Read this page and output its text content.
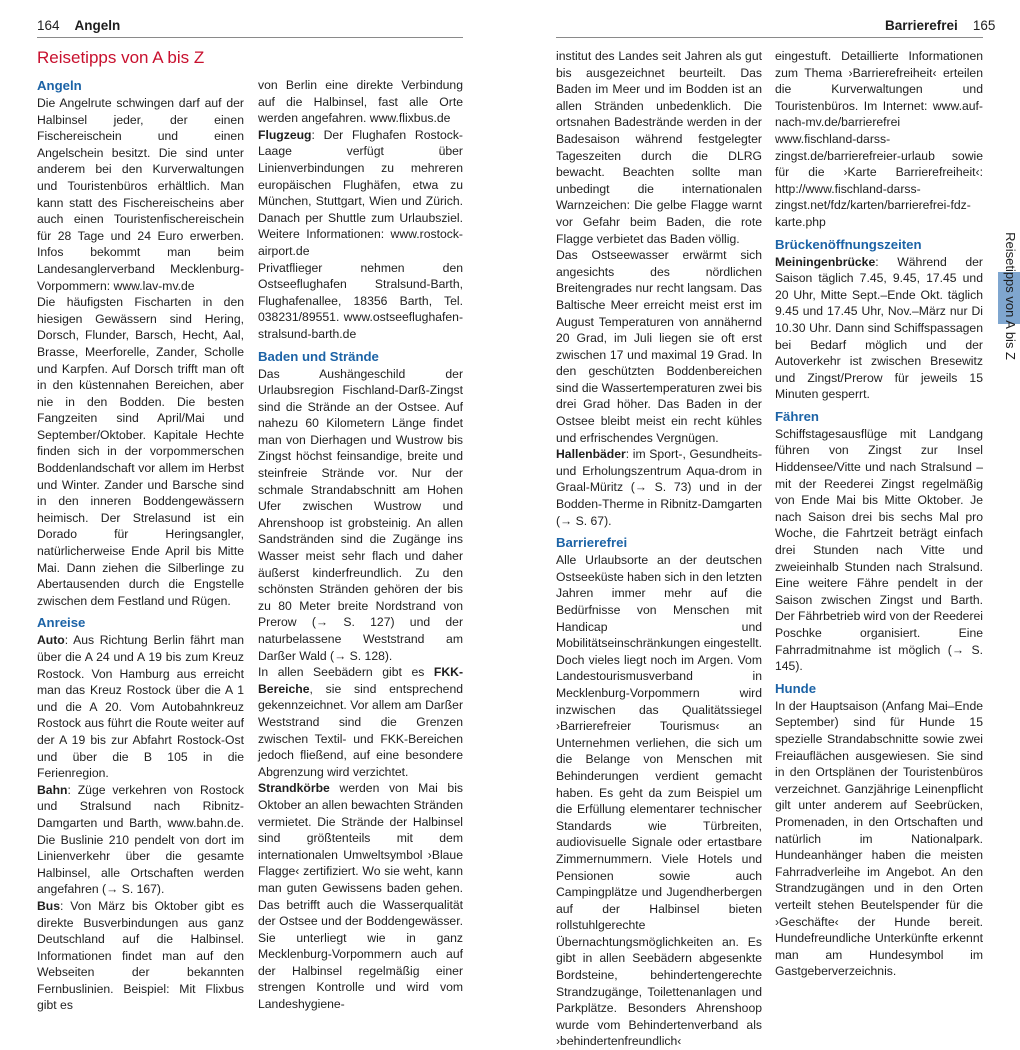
164 Angeln
Reisetipps von A bis Z
Angeln

Die Angelrute schwingen darf auf der Halbinsel jeder, der einen Fischereischein und einen Angelschein besitzt. Die sind unter anderem bei den Kurverwaltungen und Touristenbüros erhältlich. Man kann statt des Fischereischeins aber auch einen Touristenfischereischein für 28 Tage und 24 Euro erwerben. Infos bekommt man beim Landesanglerverband Mecklenburg-Vorpommern: www.lav-mv.de

Die häufigsten Fischarten in den hiesigen Gewässern sind Hering, Dorsch, Flunder, Barsch, Hecht, Aal, Brasse, Meerforelle, Zander, Scholle und Karpfen. Auf Dorsch trifft man oft in den küstennahen Bereichen, aber nie in den Bodden. Die besten Fangzeiten sind April/Mai und September/Oktober. Kapitale Hechte finden sich in der vorpommerschen Boddenlandschaft vor allem im Herbst und Winter. Zander und Barsche sind in den inneren Boddengewässern heimisch. Der Strelasund ist ein Dorado für Heringsangler, natürlicherweise Ende April bis Mitte Mai. Dann ziehen die Silberlinge zu Abertausenden durch die Engstelle zwischen dem Festland und Rügen.

Anreise

Auto: Aus Richtung Berlin fährt man über die A 24 und A 19 bis zum Kreuz Rostock. Von Hamburg aus erreicht man das Kreuz Rostock über die A 1 und die A 20. Vom Autobahnkreuz Rostock aus führt die Route weiter auf der A 19 bis zur Abfahrt Rostock-Ost und über die B 105 in die Ferienregion.

Bahn: Züge verkehren von Rostock und Stralsund nach Ribnitz-Damgarten und Barth, www.bahn.de. Die Buslinie 210 pendelt von dort im Linienverkehr über die gesamte Halbinsel, alle Ortschaften werden angefahren (→ S. 167).

Bus: Von März bis Oktober gibt es direkte Busverbindungen aus ganz Deutschland auf die Halbinsel. Informationen findet man auf den Webseiten der bekannten Fernbuslinien. Beispiel: Mit Flixbus gibt es

von Berlin eine direkte Verbindung auf die Halbinsel, fast alle Orte werden angefahren. www.flixbus.de

Flugzeug: Der Flughafen Rostock-Laage verfügt über Linienverbindungen zu mehreren europäischen Flughäfen, etwa zu München, Stuttgart, Wien und Zürich. Danach per Shuttle zum Urlaubsziel. Weitere Informationen: www.rostock-airport.de

Privatflieger nehmen den Ostseeflughafen Stralsund-Barth, Flughafenallee, 18356 Barth, Tel. 038231/89551. www.ostseeflughafen-stralsund-barth.de

Baden und Strände

Das Aushängeschild der Urlaubsregion Fischland-Darß-Zingst sind die Strände an der Ostsee. Auf nahezu 60 Kilometern Länge findet man von Dierhagen und Wustrow bis Zingst höchst feinsandige, breite und steinfreie Strände vor. Nur der schmale Strandabschnitt am Hohen Ufer zwischen Wustrow und Ahrenshoop ist grobsteinig. An allen Sandstränden sind die Zugänge ins Wasser meist sehr flach und daher äußerst kinderfreundlich. Zu den schönsten Stränden gehören der bis zu 80 Meter breite Nordstrand von Prerow (→ S. 127) und der naturbelassene Weststrand am Darßer Wald (→ S. 128).

In allen Seebädern gibt es FKK-Bereiche, sie sind entsprechend gekennzeichnet. Vor allem am Darßer Weststrand sind die Grenzen zwischen Textil- und FKK-Bereichen jedoch fließend, auf eine besondere Abgrenzung wird verzichtet.

Strandkörbe werden von Mai bis Oktober an allen bewachten Stränden vermietet. Die Strände der Halbinsel sind größtenteils mit dem internationalen Umweltsymbol ›Blaue Flagge‹ zertifiziert. Wo sie weht, kann man guten Gewissens baden gehen. Das betrifft auch die Wasserqualität der Ostsee und der Boddengewässer. Sie unterliegt wie in ganz Mecklenburg-Vorpommern auch auf der Halbinsel regelmäßig einer strengen Kontrolle und wird vom Landeshygiene-

Barrierefrei 165

institut des Landes seit Jahren als gut bis ausgezeichnet beurteilt. Das Baden im Meer und im Bodden ist an allen Stränden unbedenklich. Die ortsnahen Badestrände werden in der Badesaison während festgelegter Tageszeiten durch die DLRG bewacht. Beachten sollte man unbedingt die internationalen Warnzeichen: Die gelbe Flagge warnt vor Gefahr beim Baden, die rote Flagge verbietet das Baden völlig.

Das Ostseewasser erwärmt sich angesichts des nördlichen Breitengrades nur recht langsam. Das Baltische Meer erreicht meist erst im August Temperaturen von annähernd 20 Grad, im Juli liegen sie oft erst zwischen 17 und maximal 19 Grad. In den geschützten Boddenbereichen sind die Wassertemperaturen zwei bis drei Grad höher. Das Baden in der Ostsee bleibt meist ein recht kühles und erfrischendes Vergnügen.

Hallenbäder: im Sport-, Gesundheits- und Erholungszentrum Aqua-drom in Graal-Müritz (→ S. 73) und in der Bodden-Therme in Ribnitz-Damgarten (→ S. 67).

Barrierefrei

Alle Urlaubsorte an der deutschen Ostseeküste haben sich in den letzten Jahren immer mehr auf die Bedürfnisse von Menschen mit Handicap und Mobilitätseinschränkungen eingestellt. Doch vieles liegt noch im Argen. Vom Landestourismusverband in Mecklenburg-Vorpommern wird inzwischen das Qualitätssiegel ›Barrierefreier Tourismus‹ an Unternehmen verliehen, die sich um die Belange von Menschen mit Behinderungen verdient gemacht haben. Es geht da zum Beispiel um die Erfüllung elementarer technischer Standards wie Türbreiten, audiovisuelle Signale oder ertastbare Zimmernummern. Viele Hotels und Pensionen sowie auch Campingplätze und Jugendherbergen auf der Halbinsel bieten rollstuhlgerechte Übernachtungsmöglichkeiten an. Es gibt in allen Seebädern abgesenkte Bordsteine, behindertengerechte Strandzugänge, Toilettenanlagen und Parkplätze. Besonders Ahrenshoop wurde vom Behindertenverband als ›behindertenfreundlich‹

eingestuft. Detaillierte Informationen zum Thema ›Barrierefreiheit‹ erteilen die Kurverwaltungen und Touristenbüros. Im Internet: www.auf-nach-mv.de/barrierefrei www.fischland-darss-zingst.de/barrierefreier-urlaub sowie für die ›Karte Barrierefreiheit‹: http://www.fischland-darss-zingst.net/fdz/karten/barrierefrei-fdz-karte.php

Brückenöffnungszeiten

Meiningenbrücke: Während der Saison täglich 7.45, 9.45, 17.45 und 20 Uhr, Mitte Sept.–Ende Okt. täglich 9.45 und 17.45 Uhr, Nov.–März nur Di 10.30 Uhr. Dann sind Schiffspassagen bei Bedarf möglich und der Autoverkehr ist zwischen Bresewitz und Zingst/Prerow für jeweils 15 Minuten gesperrt.

Fähren

Schiffstagesausflüge mit Landgang führen von Zingst zur Insel Hiddensee/Vitte und nach Stralsund – mit der Reederei Zingst regelmäßig von Ende Mai bis Mitte Oktober. Je nach Saison drei bis sechs Mal pro Woche, die Fahrtzeit beträgt einfach drei Stunden nach Vitte und zweieinhalb Stunden nach Stralsund. Eine weitere Fähre pendelt in der Saison zwischen Zingst und Barth. Der Fährbetrieb wird von der Reederei Poschke organisiert. Eine Fahrradmitnahme ist möglich (→ S. 145).

Hunde

In der Hauptsaison (Anfang Mai–Ende September) sind für Hunde 15 spezielle Strandabschnitte sowie zwei Freiauflächen ausgewiesen. Sie sind in den Ortsplänen der Touristenbüros verzeichnet. Ganzjährige Leinenpflicht gilt unter anderem auf Seebrücken, Promenaden, in den Ortschaften und natürlich im Nationalpark. Hundeanhänger haben die meisten Fahrradverleihe im Angebot. An den Strandzugängen und in den Orten verteilt stehen Beutelspender für die ›Geschäfte‹ der Hunde bereit. Hundefreundliche Unterkünfte erkennt man am Hundesymbol im Gastgeberverzeichnis.

Reisetipps von A bis Z
